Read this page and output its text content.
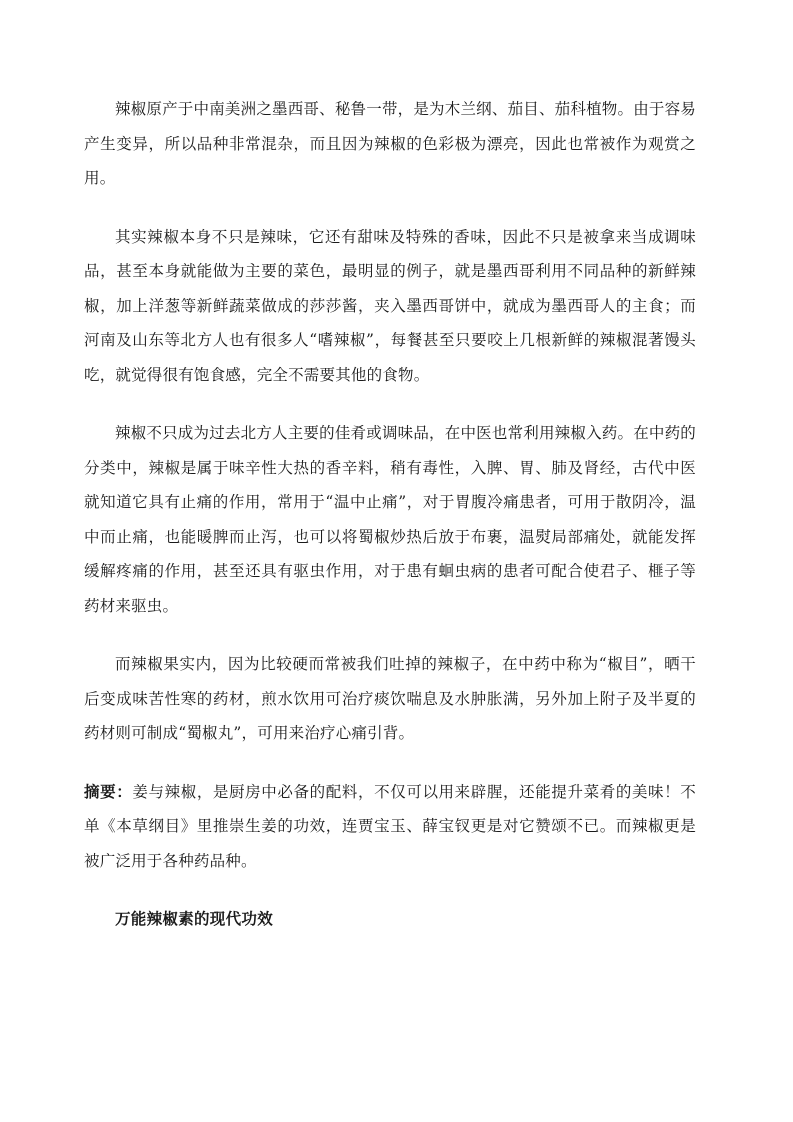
辣椒原产于中南美洲之墨西哥、秘鲁一带，是为木兰纲、茄目、茄科植物。由于容易产生变异，所以品种非常混杂，而且因为辣椒的色彩极为漂亮，因此也常被作为观赏之用。

其实辣椒本身不只是辣味，它还有甜味及特殊的香味，因此不只是被拿来当成调味品，甚至本身就能做为主要的菜色，最明显的例子，就是墨西哥利用不同品种的新鲜辣椒，加上洋葱等新鲜蔬菜做成的莎莎酱，夹入墨西哥饼中，就成为墨西哥人的主食；而河南及山东等北方人也有很多人“嗜辣椒”，每餐甚至只要咬上几根新鲜的辣椒混著馒头吃，就觉得很有饱食感，完全不需要其他的食物。

辣椒不只成为过去北方人主要的佳肴或调味品，在中医也常利用辣椒入药。在中药的分类中，辣椒是属于味辛性大热的香辛料，稍有毒性，入脾、胃、肺及肾经，古代中医就知道它具有止痛的作用，常用于“温中止痛”，对于胃腹冷痛患者，可用于散阴冷，温中而止痛，也能暖脾而止泻，也可以将蜀椒炒热后放于布裹，温熨局部痛处，就能发挥缓解疼痛的作用，甚至还具有驱虫作用，对于患有蛔虫病的患者可配合使君子、榧子等药材来驱虫。

而辣椒果实内，因为比较硬而常被我们吐掉的辣椒子，在中药中称为“椒目”，晒干后变成味苦性寒的药材，煎水饮用可治疗痰饮喘息及水肿胀满，另外加上附子及半夏的药材则可制成“蜀椒丸”，可用来治疗心痛引背。

摘要：姜与辣椒，是厨房中必备的配料，不仅可以用来辟腥，还能提升菜肴的美味！不单《本草纲目》里推崇生姜的功效，连贾宝玉、薛宝钗更是对它赞颂不已。而辣椒更是被广泛用于各种药品种。

万能辣椒素的现代功效
